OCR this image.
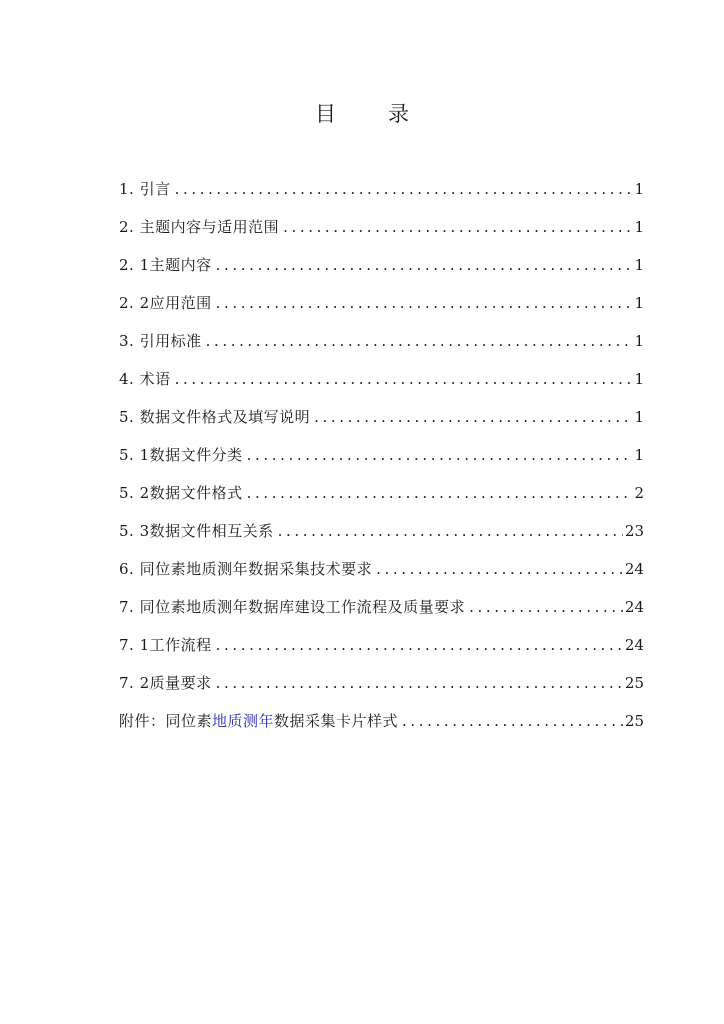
目 录
1. 引言 .....	1
2. 主题内容与适用范围 .....	1
2. 1主题内容 .....	1
2. 2应用范围 .....	1
3. 引用标准 .....	1
4. 术语 .....	1
5. 数据文件格式及填写说明 .....	1
5. 1数据文件分类 .....	1
5. 2数据文件格式 .....	2
5. 3数据文件相互关系 .....	23
6. 同位素地质测年数据采集技术要求 .....	24
7. 同位素地质测年数据库建设工作流程及质量要求 .....	24
7. 1工作流程 .....	24
7. 2质量要求 .....	25
附件：同位素地质测年数据采集卡片样式 .....	25
